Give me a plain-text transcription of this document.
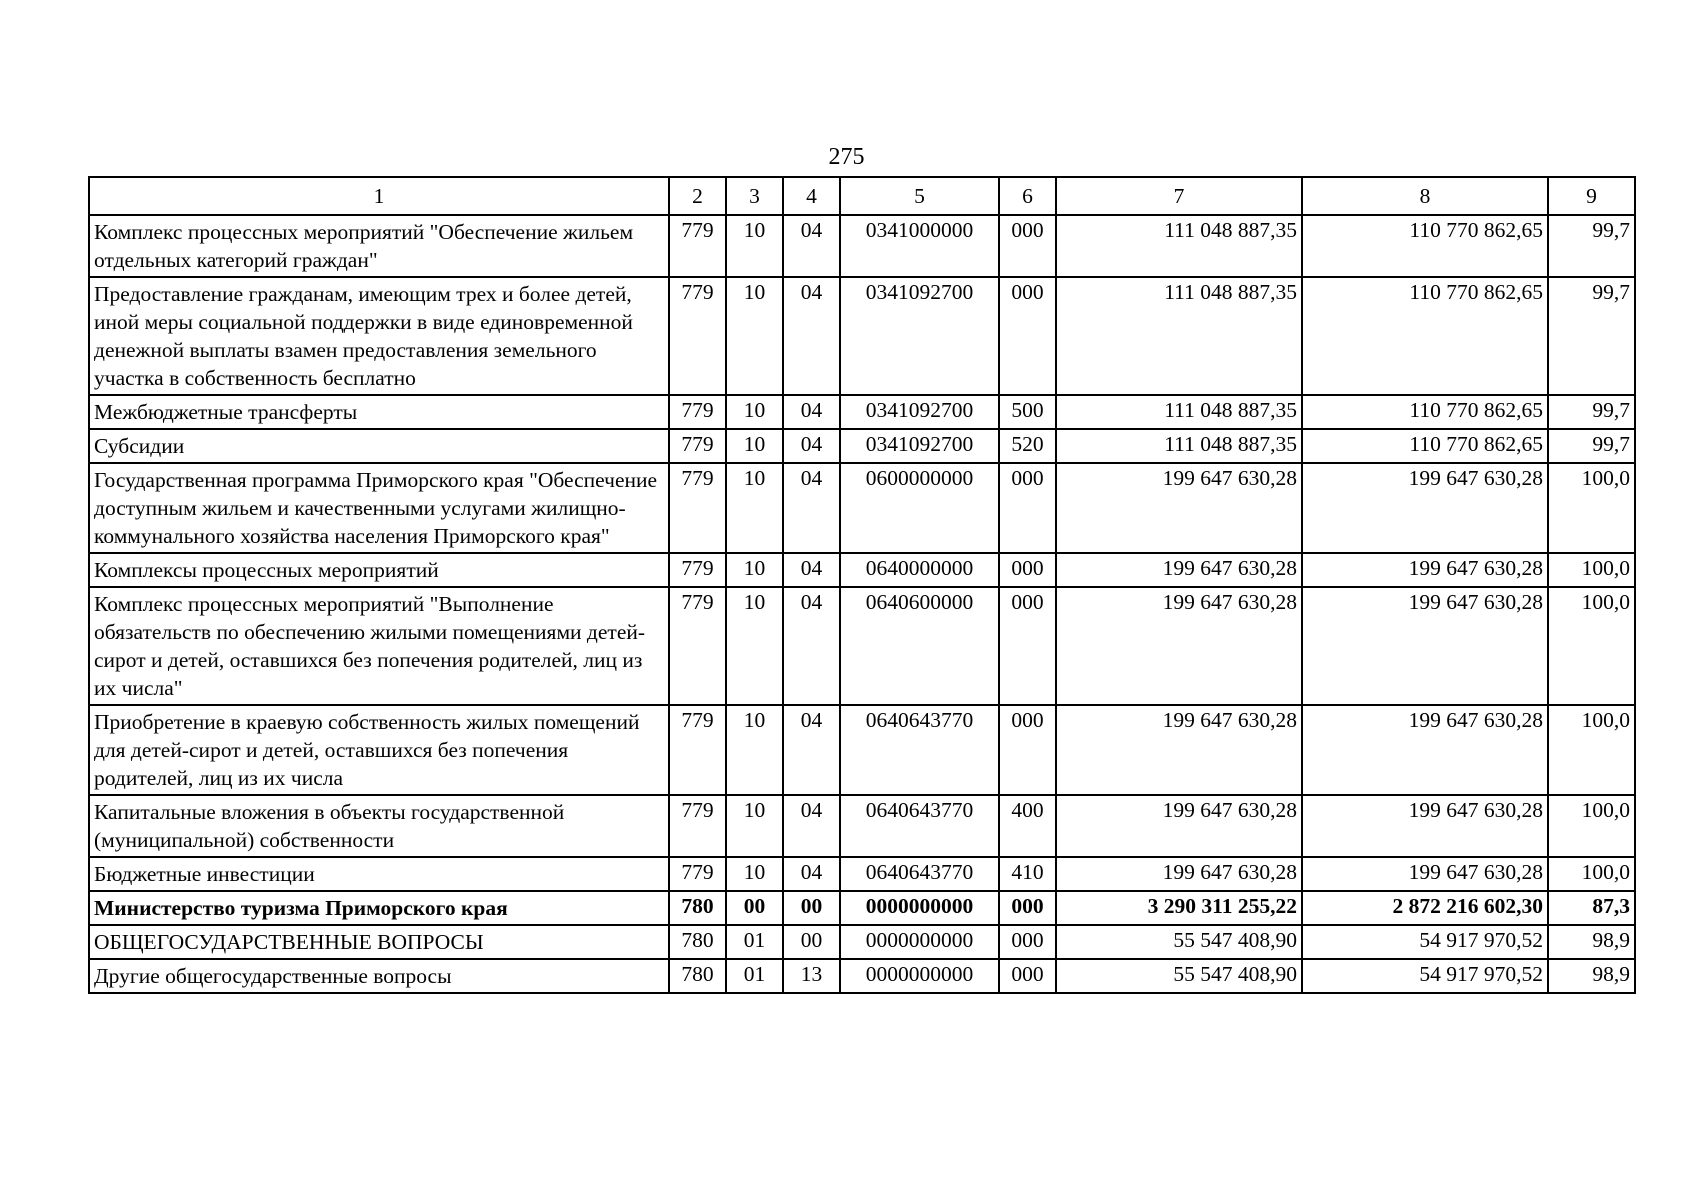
275
1	2	3	4	5	6	7	8	9
Комплекс процессных мероприятий "Обеспечение жильем отдельных категорий граждан"	779	10	04	0341000000	000	111 048 887,35	110 770 862,65	99,7
Предоставление гражданам, имеющим трех и более детей, иной меры социальной поддержки в виде единовременной денежной выплаты взамен предоставления земельного участка в собственность бесплатно	779	10	04	0341092700	000	111 048 887,35	110 770 862,65	99,7
Межбюджетные трансферты	779	10	04	0341092700	500	111 048 887,35	110 770 862,65	99,7
Субсидии	779	10	04	0341092700	520	111 048 887,35	110 770 862,65	99,7
Государственная программа Приморского края "Обеспечение доступным жильем и качественными услугами жилищно-коммунального хозяйства населения Приморского края"	779	10	04	0600000000	000	199 647 630,28	199 647 630,28	100,0
Комплексы процессных мероприятий	779	10	04	0640000000	000	199 647 630,28	199 647 630,28	100,0
Комплекс процессных мероприятий "Выполнение обязательств по обеспечению жилыми помещениями детей-сирот и детей, оставшихся без попечения родителей, лиц из их числа"	779	10	04	0640600000	000	199 647 630,28	199 647 630,28	100,0
Приобретение в краевую собственность жилых помещений для детей-сирот и детей, оставшихся без попечения родителей, лиц из их числа	779	10	04	0640643770	000	199 647 630,28	199 647 630,28	100,0
Капитальные вложения в объекты государственной (муниципальной) собственности	779	10	04	0640643770	400	199 647 630,28	199 647 630,28	100,0
Бюджетные инвестиции	779	10	04	0640643770	410	199 647 630,28	199 647 630,28	100,0
Министерство туризма Приморского края	780	00	00	0000000000	000	3 290 311 255,22	2 872 216 602,30	87,3
ОБЩЕГОСУДАРСТВЕННЫЕ ВОПРОСЫ	780	01	00	0000000000	000	55 547 408,90	54 917 970,52	98,9
Другие общегосударственные вопросы	780	01	13	0000000000	000	55 547 408,90	54 917 970,52	98,9
